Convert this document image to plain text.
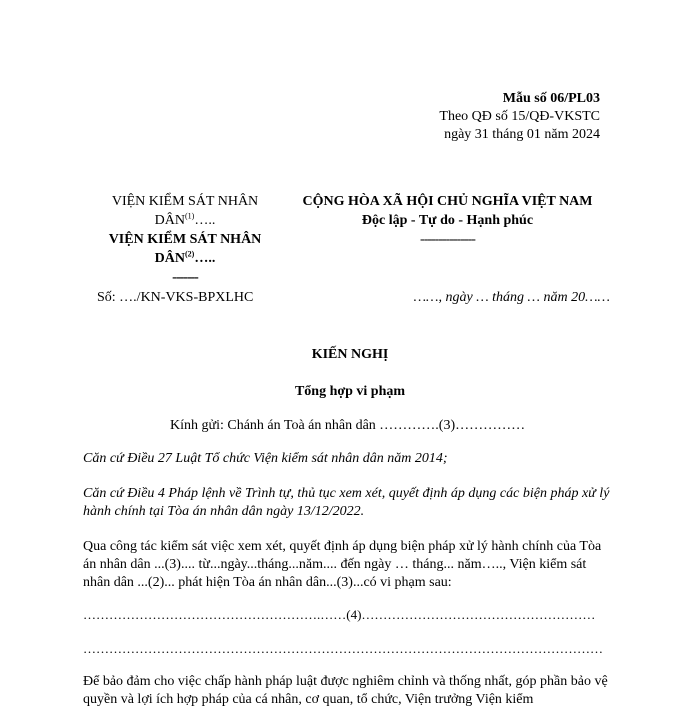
Mẫu số 06/PL03
Theo QĐ số 15/QĐ-VKSTC
ngày 31 tháng 01 năm 2024
VIỆN KIỂM SÁT NHÂN
DÂN$^{(1)}$…..
VIỆN KIỂM SÁT NHÂN
DÂN$^{(2)}$…..
-------
CỘNG HÒA XÃ HỘI CHỦ NGHĨA VIỆT NAM
Độc lập - Tự do - Hạnh phúc
---------------
Số: …./KN-VKS-BPXLHC	……, ngày … tháng … năm 20……
KIẾN NGHỊ
Tổng hợp vi phạm
Kính gửi: Chánh án Toà án nhân dân ………….(3)……………
Căn cứ Điều 27 Luật Tổ chức Viện kiểm sát nhân dân năm 2014;
Căn cứ Điều 4 Pháp lệnh về Trình tự, thủ tục xem xét, quyết định áp dụng các biện pháp xử lý hành chính tại Tòa án nhân dân ngày 13/12/2022.
Qua công tác kiểm sát việc xem xét, quyết định áp dụng biện pháp xử lý hành chính của Tòa án nhân dân ...(3).... từ...ngày...tháng...năm.... đến ngày … tháng... năm….., Viện kiểm sát nhân dân ...(2)... phát hiện Tòa án nhân dân...(3)...có vi phạm sau:
……………………………………………….……(4)………………………………………………
…………………………………………………………………………………………………………
Để bảo đảm cho việc chấp hành pháp luật được nghiêm chỉnh và thống nhất, góp phần bảo vệ quyền và lợi ích hợp pháp của cá nhân, cơ quan, tổ chức, Viện trưởng Viện kiểm
